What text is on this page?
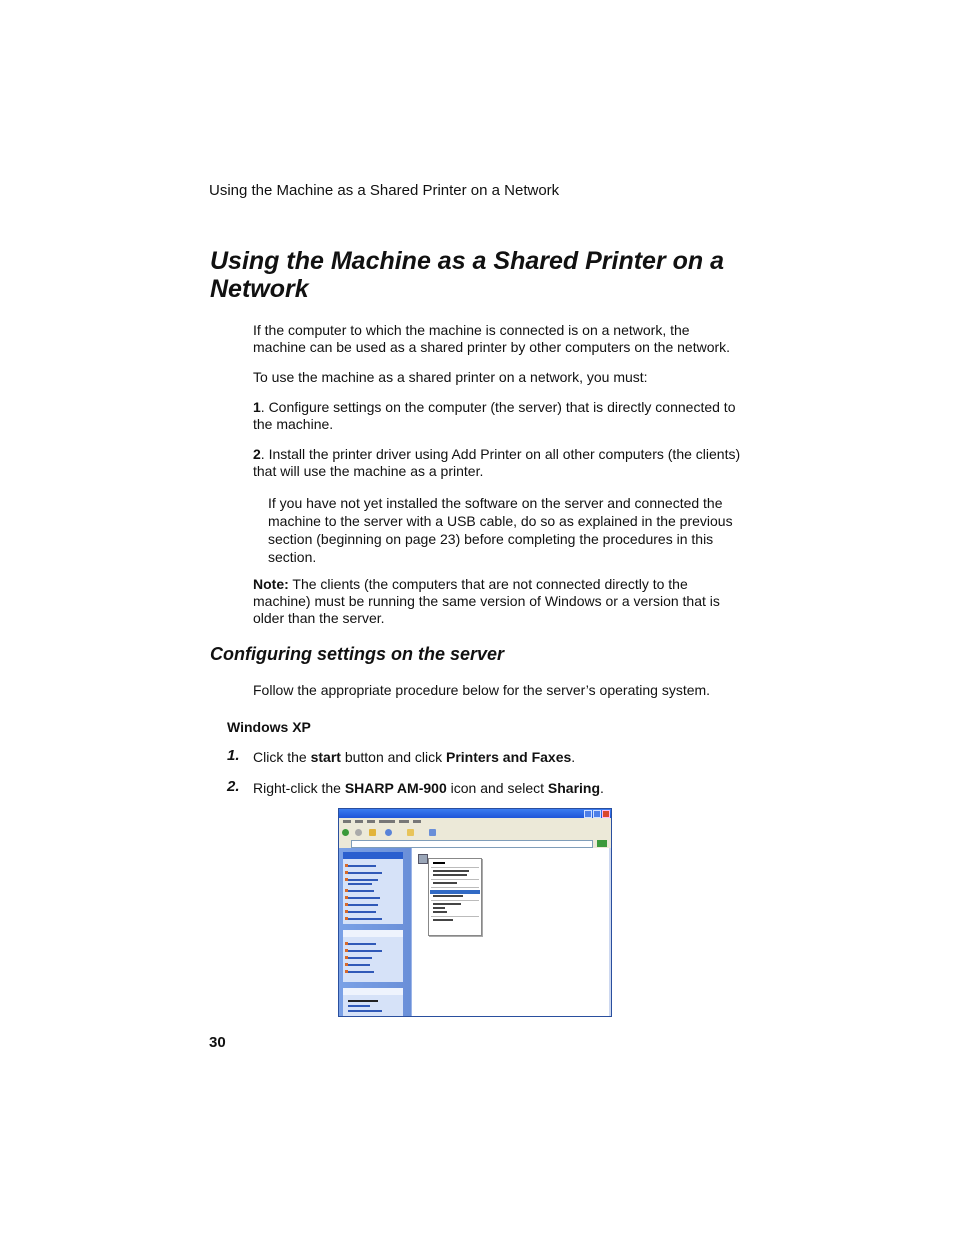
Using the Machine as a Shared Printer on a Network
Using the Machine as a Shared Printer on a Network
If the computer to which the machine is connected is on a network, the machine can be used as a shared printer by other computers on the network.
To use the machine as a shared printer on a network, you must:
1. Configure settings on the computer (the server) that is directly connected to the machine.
2. Install the printer driver using Add Printer on all other computers (the clients) that will use the machine as a printer.
If you have not yet installed the software on the server and connected the machine to the server with a USB cable, do so as explained in the previous section (beginning on page 23) before completing the procedures in this section.
Note: The clients (the computers that are not connected directly to the machine) must be running the same version of Windows or a version that is older than the server.
Configuring settings on the server
Follow the appropriate procedure below for the server’s operating system.
Windows XP
1. Click the start button and click Printers and Faxes.
2. Right-click the SHARP AM-900 icon and select Sharing.
30
